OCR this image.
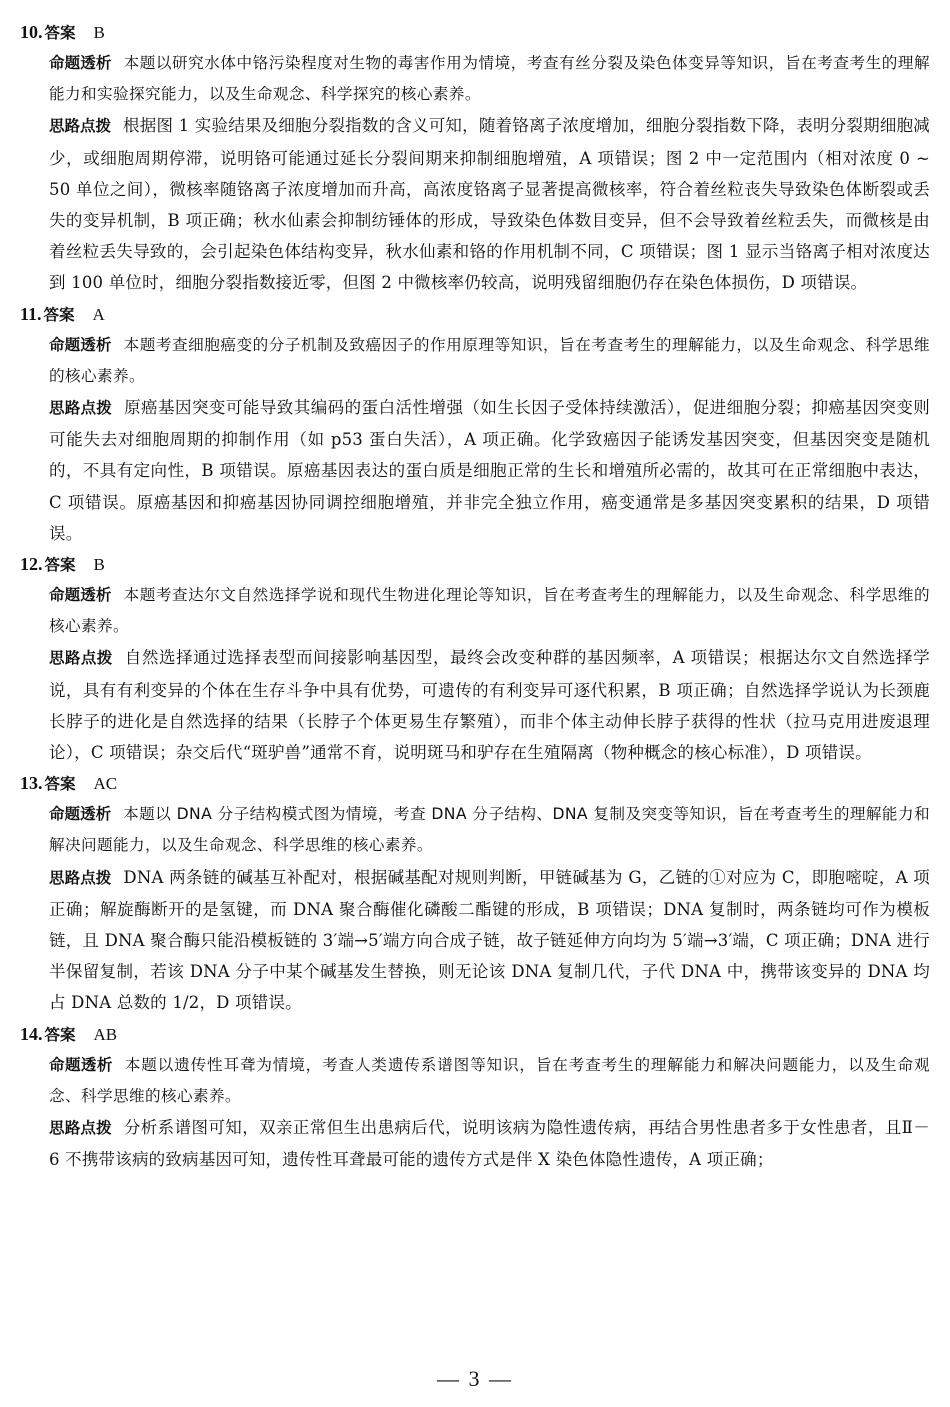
10. 答案 B

命题透析 本题以研究水体中铬污染程度对生物的毒害作用为情境，考查有丝分裂及染色体变异等知识，旨在考查考生的理解能力和实验探究能力，以及生命观念、科学探究的核心素养。

思路点拨 根据图 1 实验结果及细胞分裂指数的含义可知，随着铬离子浓度增加，细胞分裂指数下降，表明分裂期细胞减少，或细胞周期停滞，说明铬可能通过延长分裂间期来抑制细胞增殖，A 项错误；图 2 中一定范围内（相对浓度 0 ~ 50 单位之间），微核率随铬离子浓度增加而升高，高浓度铬离子显著提高微核率，符合着丝粒丧失导致染色体断裂或丢失的变异机制，B 项正确；秋水仙素会抑制纺锤体的形成，导致染色体数目变异，但不会导致着丝粒丢失，而微核是由着丝粒丢失导致的，会引起染色体结构变异，秋水仙素和铬的作用机制不同，C 项错误；图 1 显示当铬离子相对浓度达到 100 单位时，细胞分裂指数接近零，但图 2 中微核率仍较高，说明残留细胞仍存在染色体损伤，D 项错误。

11. 答案 A

命题透析 本题考查细胞癌变的分子机制及致癌因子的作用原理等知识，旨在考查考生的理解能力，以及生命观念、科学思维的核心素养。

思路点拨 原癌基因突变可能导致其编码的蛋白活性增强（如生长因子受体持续激活），促进细胞分裂；抑癌基因突变则可能失去对细胞周期的抑制作用（如 p53 蛋白失活），A 项正确。化学致癌因子能诱发基因突变，但基因突变是随机的，不具有定向性，B 项错误。原癌基因表达的蛋白质是细胞正常的生长和增殖所必需的，故其可在正常细胞中表达，C 项错误。原癌基因和抑癌基因协同调控细胞增殖，并非完全独立作用，癌变通常是多基因突变累积的结果，D 项错误。

12. 答案 B

命题透析 本题考查达尔文自然选择学说和现代生物进化理论等知识，旨在考查考生的理解能力，以及生命观念、科学思维的核心素养。

思路点拨 自然选择通过选择表型而间接影响基因型，最终会改变种群的基因频率，A 项错误；根据达尔文自然选择学说，具有有利变异的个体在生存斗争中具有优势，可遗传的有利变异可逐代积累，B 项正确；自然选择学说认为长颈鹿长脖子的进化是自然选择的结果（长脖子个体更易生存繁殖），而非个体主动伸长脖子获得的性状（拉马克用进废退理论），C 项错误；杂交后代“斑驴兽”通常不育，说明斑马和驴存在生殖隔离（物种概念的核心标准），D 项错误。

13. 答案 AC

命题透析 本题以 DNA 分子结构模式图为情境，考查 DNA 分子结构、DNA 复制及突变等知识，旨在考查考生的理解能力和解决问题能力，以及生命观念、科学思维的核心素养。

思路点拨 DNA 两条链的碱基互补配对，根据碱基配对规则判断，甲链碱基为 G，乙链的①对应为 C，即胞嘧啶，A 项正确；解旋酶断开的是氢键，而 DNA 聚合酶催化磷酸二酯键的形成，B 项错误；DNA 复制时，两条链均可作为模板链，且 DNA 聚合酶只能沿模板链的 3′端→5′端方向合成子链，故子链延伸方向均为 5′端→3′端，C 项正确；DNA 进行半保留复制，若该 DNA 分子中某个碱基发生替换，则无论该 DNA 复制几代，子代 DNA 中，携带该变异的 DNA 均占 DNA 总数的 1/2，D 项错误。

14. 答案 AB

命题透析 本题以遗传性耳聋为情境，考查人类遗传系谱图等知识，旨在考查考生的理解能力和解决问题能力，以及生命观念、科学思维的核心素养。

思路点拨 分析系谱图可知，双亲正常但生出患病后代，说明该病为隐性遗传病，再结合男性患者多于女性患者，且Ⅱ－6 不携带该病的致病基因可知，遗传性耳聋最可能的遗传方式是伴 X 染色体隐性遗传，A 项正确；

— 3 —
